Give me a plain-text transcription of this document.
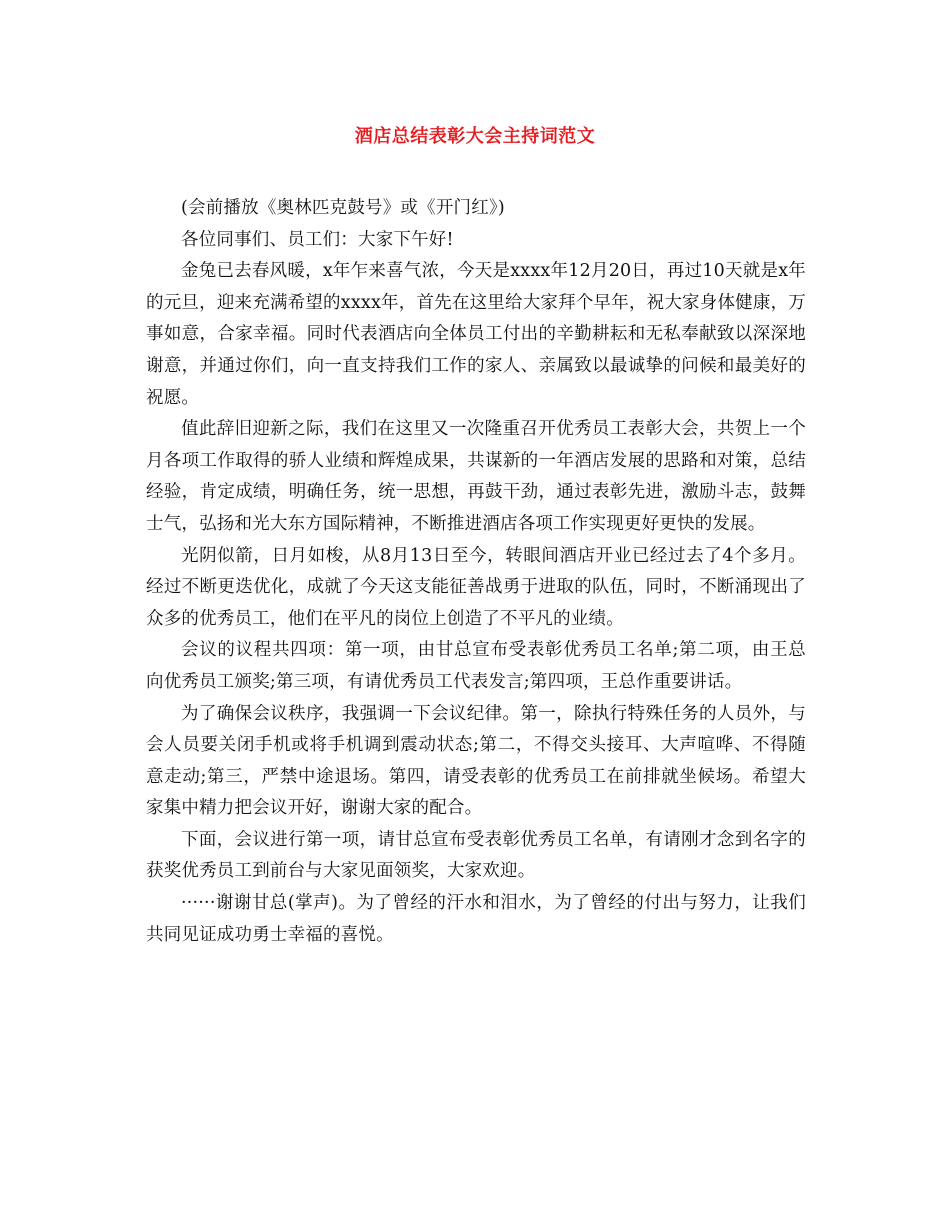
酒店总结表彰大会主持词范文

(会前播放《奥林匹克鼓号》或《开门红》)

各位同事们、员工们：大家下午好!

金兔已去春风暖，x年乍来喜气浓，今天是xxxx年12月20日，再过10天就是x年的元旦，迎来充满希望的xxxx年，首先在这里给大家拜个早年，祝大家身体健康，万事如意，合家幸福。同时代表酒店向全体员工付出的辛勤耕耘和无私奉献致以深深地谢意，并通过你们，向一直支持我们工作的家人、亲属致以最诚挚的问候和最美好的祝愿。

值此辞旧迎新之际，我们在这里又一次隆重召开优秀员工表彰大会，共贺上一个月各项工作取得的骄人业绩和辉煌成果，共谋新的一年酒店发展的思路和对策，总结经验，肯定成绩，明确任务，统一思想，再鼓干劲，通过表彰先进，激励斗志，鼓舞士气，弘扬和光大东方国际精神，不断推进酒店各项工作实现更好更快的发展。

光阴似箭，日月如梭，从8月13日至今，转眼间酒店开业已经过去了4个多月。经过不断更迭优化，成就了今天这支能征善战勇于进取的队伍，同时，不断涌现出了众多的优秀员工，他们在平凡的岗位上创造了不平凡的业绩。

会议的议程共四项：第一项，由甘总宣布受表彰优秀员工名单;第二项，由王总向优秀员工颁奖;第三项，有请优秀员工代表发言;第四项，王总作重要讲话。

为了确保会议秩序，我强调一下会议纪律。第一，除执行特殊任务的人员外，与会人员要关闭手机或将手机调到震动状态;第二，不得交头接耳、大声喧哗、不得随意走动;第三，严禁中途退场。第四，请受表彰的优秀员工在前排就坐候场。希望大家集中精力把会议开好，谢谢大家的配合。

下面，会议进行第一项，请甘总宣布受表彰优秀员工名单，有请刚才念到名字的获奖优秀员工到前台与大家见面领奖，大家欢迎。

······谢谢甘总(掌声)。为了曾经的汗水和泪水，为了曾经的付出与努力，让我们共同见证成功勇士幸福的喜悦。
